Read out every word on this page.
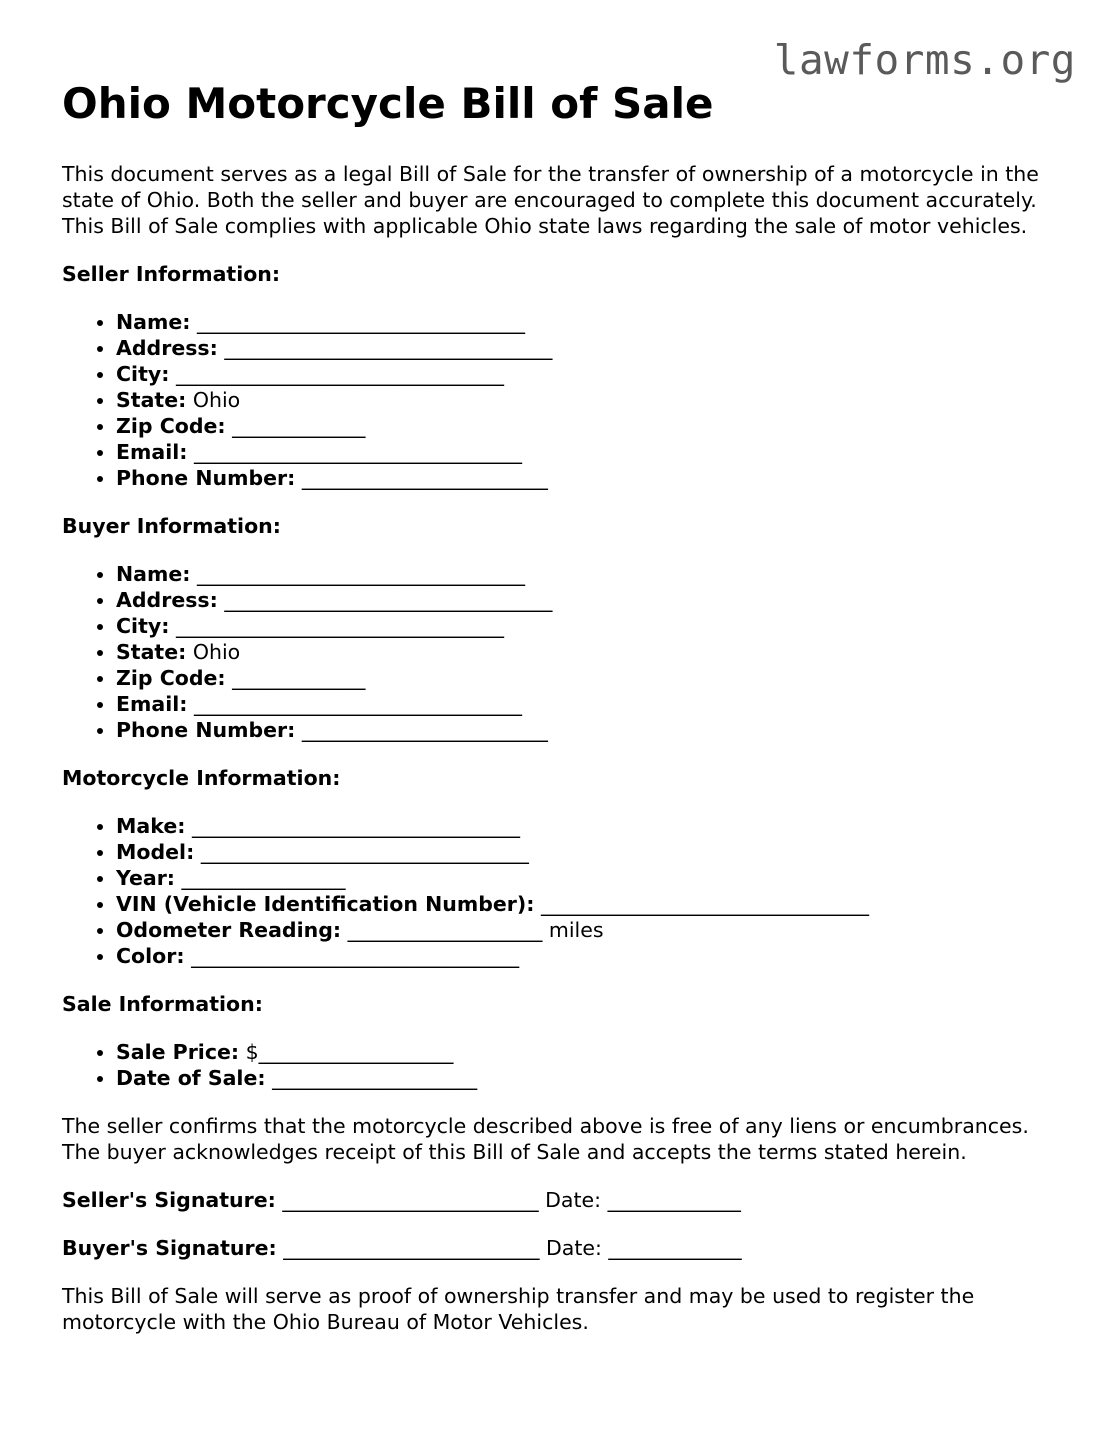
lawforms.org
Ohio Motorcycle Bill of Sale

This document serves as a legal Bill of Sale for the transfer of ownership of a motorcycle in the state of Ohio. Both the seller and buyer are encouraged to complete this document accurately. This Bill of Sale complies with applicable Ohio state laws regarding the sale of motor vehicles.

Seller Information:
• Name: ________________________________
• Address: ________________________________
• City: ________________________________
• State: Ohio
• Zip Code: _____________
• Email: ________________________________
• Phone Number: ________________________
Buyer Information:
• Name: ________________________________
• Address: ________________________________
• City: ________________________________
• State: Ohio
• Zip Code: _____________
• Email: ________________________________
• Phone Number: ________________________
Motorcycle Information:
• Make: ________________________________
• Model: ________________________________
• Year: ________________
• VIN (Vehicle Identification Number): ________________________________
• Odometer Reading: ___________________ miles
• Color: ________________________________
Sale Information:
• Sale Price: $___________________
• Date of Sale: ____________________

The seller confirms that the motorcycle described above is free of any liens or encumbrances. The buyer acknowledges receipt of this Bill of Sale and accepts the terms stated herein.

Seller's Signature: _________________________ Date: _____________

Buyer's Signature: _________________________ Date: _____________

This Bill of Sale will serve as proof of ownership transfer and may be used to register the motorcycle with the Ohio Bureau of Motor Vehicles.
